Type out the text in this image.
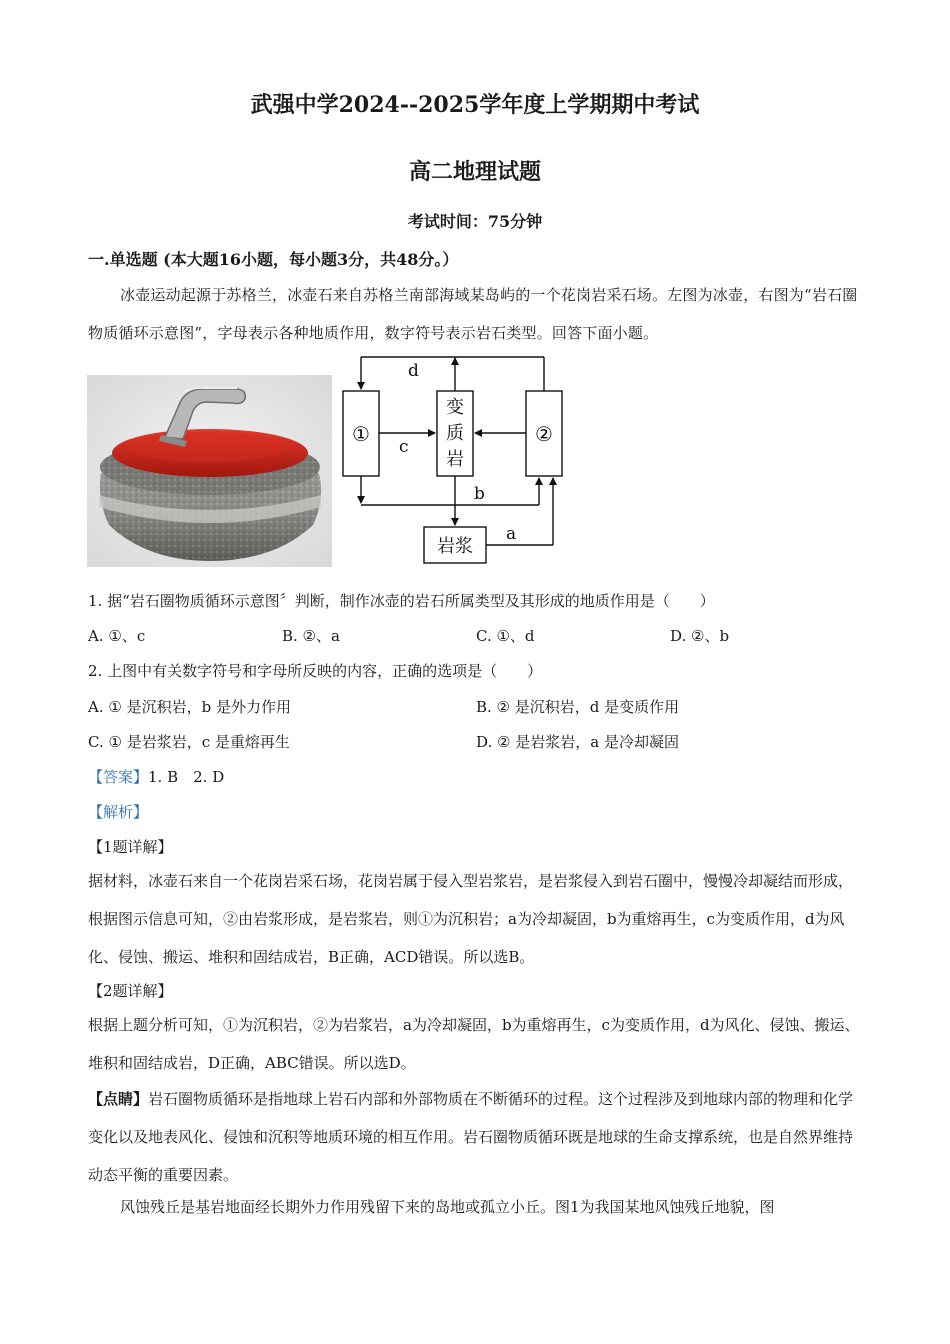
武强中学2024--2025学年度上学期期中考试
高二地理试题
考试时间：75分钟
一.单选题 (本大题16小题，每小题3分，共48分。）
冰壶运动起源于苏格兰，冰壶石来自苏格兰南部海域某岛屿的一个花岗岩采石场。左图为冰壶，右图为“岩石圈物质循环示意图”，字母表示各种地质作用，数字符号表示岩石类型。回答下面小题。
①	②
变
质
岩
岩浆
d
c
b
a
1. 据“岩石圈物质循环示意图〞判断，制作冰壶的岩石所属类型及其形成的地质作用是（　　）
A. ①、c	B. ②、a	C. ①、d	D. ②、b
2. 上图中有关数字符号和字母所反映的内容，正确的选项是（　　）
A. ① 是沉积岩，b 是外力作用	B. ② 是沉积岩，d 是变质作用
C. ① 是岩浆岩，c 是重熔再生	D. ② 是岩浆岩，a 是冷却凝固
【答案】1. B　2. D
【解析】
【1题详解】
据材料，冰壶石来自一个花岗岩采石场，花岗岩属于侵入型岩浆岩，是岩浆侵入到岩石圈中，慢慢冷却凝结而形成，根据图示信息可知，②由岩浆形成，是岩浆岩，则①为沉积岩；a为冷却凝固，b为重熔再生，c为变质作用，d为风化、侵蚀、搬运、堆积和固结成岩，B正确，ACD错误。所以选B。
【2题详解】
根据上题分析可知，①为沉积岩，②为岩浆岩，a为冷却凝固，b为重熔再生，c为变质作用，d为风化、侵蚀、搬运、堆积和固结成岩，D正确，ABC错误。所以选D。
【点睛】岩石圈物质循环是指地球上岩石内部和外部物质在不断循环的过程。这个过程涉及到地球内部的物理和化学变化以及地表风化、侵蚀和沉积等地质环境的相互作用。岩石圈物质循环既是地球的生命支撑系统，也是自然界维持动态平衡的重要因素。
风蚀残丘是基岩地面经长期外力作用残留下来的岛地或孤立小丘。图1为我国某地风蚀残丘地貌，图
